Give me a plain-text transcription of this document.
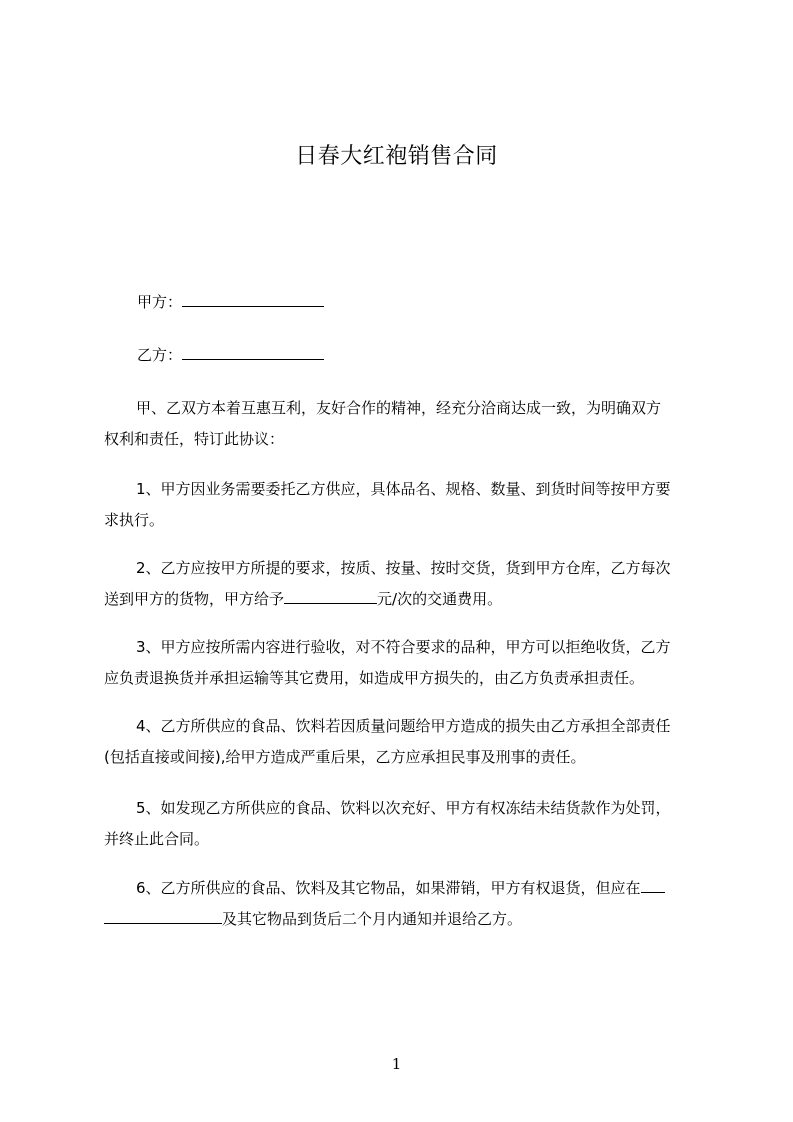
日春大红袍销售合同
甲方：
乙方：
甲、乙双方本着互惠互利，友好合作的精神，经充分洽商达成一致，为明确双方
权利和责任，特订此协议：
1、甲方因业务需要委托乙方供应，具体品名、规格、数量、到货时间等按甲方要
求执行。
2、乙方应按甲方所提的要求，按质、按量、按时交货，货到甲方仓库，乙方每次
送到甲方的货物，甲方给予	元/次的交通费用。
3、甲方应按所需内容进行验收，对不符合要求的品种，甲方可以拒绝收货，乙方
应负责退换货并承担运输等其它费用，如造成甲方损失的，由乙方负责承担责任。
4、乙方所供应的食品、饮料若因质量问题给甲方造成的损失由乙方承担全部责任
(包括直接或间接),给甲方造成严重后果，乙方应承担民事及刑事的责任。
5、如发现乙方所供应的食品、饮料以次充好、甲方有权冻结未结货款作为处罚，
并终止此合同。
6、乙方所供应的食品、饮料及其它物品，如果滞销，甲方有权退货，但应在
及其它物品到货后二个月内通知并退给乙方。
1
